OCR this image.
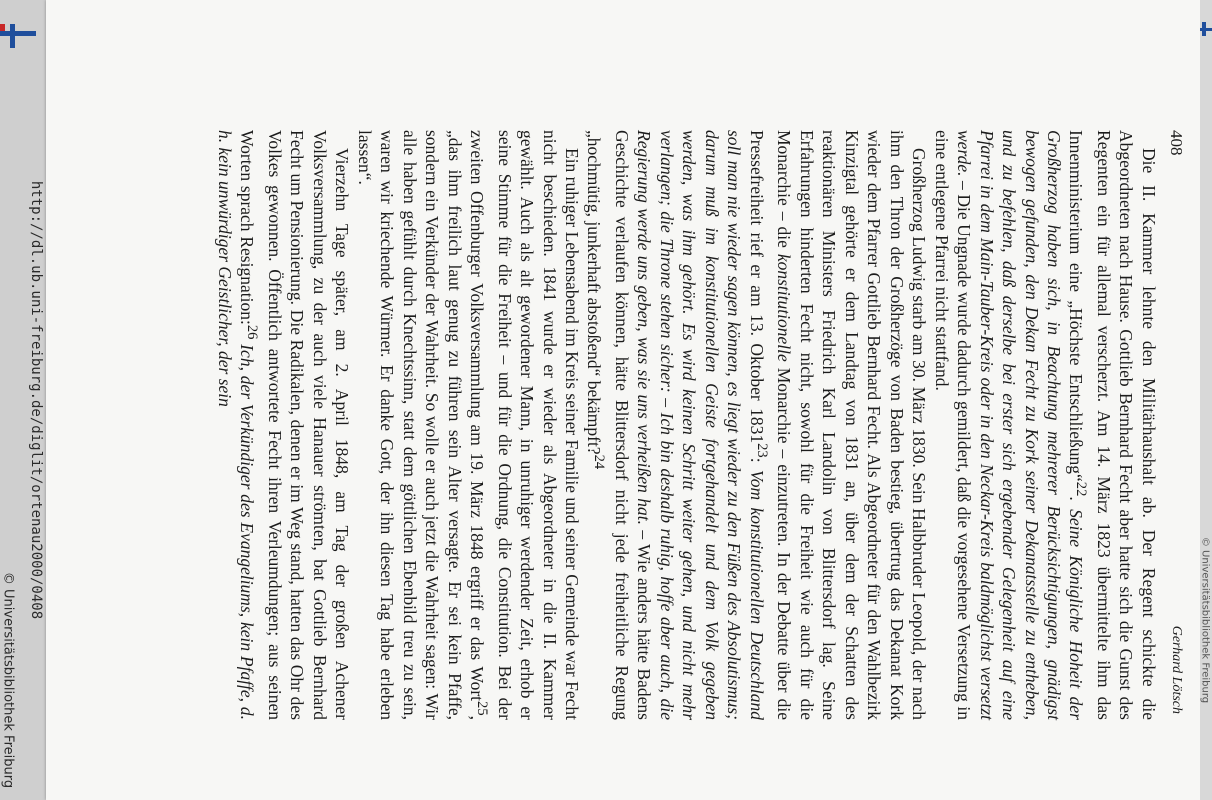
408
Gerhard Lötsch

Die II. Kammer lehnte den Militärhaushalt ab. Der Regent schickte die Abgeordneten nach Hause. Gottlieb Bernhard Fecht aber hatte sich die Gunst des Regenten ein für allemal verscherzt. Am 14. März 1823 übermittelte ihm das Innenministerium eine „Höchste Entschließung“$^{22}$. Seine Königliche Hoheit der Großherzog haben sich, in Beachtung mehrerer Berücksichtigungen, gnädigst bewogen gefunden, den Dekan Fecht zu Kork seiner Dekanatsstelle zu entheben, und zu befehlen, daß derselbe bei erster sich ergebender Gelegenheit auf eine Pfarrei in dem Main-Tauber-Kreis oder in den Neckar-Kreis baldmöglichst versetzt werde. – Die Ungnade wurde dadurch gemildert, daß die vorgesehene Versetzung in eine entlegene Pfarrei nicht stattfand.

Großherzog Ludwig starb am 30. März 1830. Sein Halbbruder Leopold, der nach ihm den Thron der Großherzöge von Baden bestieg, übertrug das Dekanat Kork wieder dem Pfarrer Gottlieb Bernhard Fecht. Als Abgeordneter für den Wahlbezirk Kinzigtal gehörte er dem Landtag von 1831 an, über dem der Schatten des reaktionären Ministers Friedrich Karl Landolin von Blittersdorf lag. Seine Erfahrungen hinderten Fecht nicht, sowohl für die Freiheit wie auch für die Monarchie – die konstitutionelle Monarchie – einzutreten. In der Debatte über die Pressefreiheit rief er am 13. Oktober 1831$^{23}$: Vom konstitutionellen Deutschland soll man nie wieder sagen können, es liegt wieder zu den Füßen des Absolutismus; darum muß im konstitutionellen Geiste fortgehandelt und dem Volk gegeben werden, was ihm gehört. Es wird keinen Schritt weiter gehen, und nicht mehr verlangen; die Throne stehen sicher: – Ich bin deshalb ruhig, hoffe aber auch, die Regierung werde uns geben, was sie uns verheißen hat. – Wie anders hätte Badens Geschichte verlaufen können, hätte Blittersdorf nicht jede freiheitliche Regung „hochmütig, junkerhaft abstoßend“ bekämpft?$^{24}$

Ein ruhiger Lebensabend im Kreis seiner Familie und seiner Gemeinde war Fecht nicht beschieden. 1841 wurde er wieder als Abgeordneter in die II. Kammer gewählt. Auch als alt gewordener Mann, in unruhiger werdender Zeit, erhob er seine Stimme für die Freiheit – und für die Ordnung, die Constitution. Bei der zweiten Offenburger Volksversammlung am 19. März 1848 ergriff er das Wort$^{25}$, „das ihm freilich laut genug zu führen sein Alter versagte. Er sei kein Pfaffe, sondern ein Verkünder der Wahrheit. So wolle er auch jetzt die Wahrheit sagen: Wir alle haben gefühlt durch Knechtssinn, statt dem göttlichen Ebenbild treu zu sein, waren wir kriechende Würmer. Er danke Gott, der ihn diesen Tag habe erleben lassen“.

Vierzehn Tage später, am 2. April 1848, am Tag der großen Achener Volksversammlung, zu der auch viele Hanauer strömten, bat Gottlieb Bernhard Fecht um Pensionierung. Die Radikalen, denen er im Weg stand, hatten das Ohr des Volkes gewonnen. Öffentlich antwortete Fecht ihren Verleumdungen; aus seinen Worten sprach Resignation:$^{26}$ Ich, der Verkündiger des Evangeliums, kein Pfaffe, d. h. kein unwürdiger Geistlicher, der sein

http://dl.ub.uni-freiburg.de/diglit/ortenau2000/0408
© Universitätsbibliothek Freiburg	© Universitätsbibliothek Freiburg
